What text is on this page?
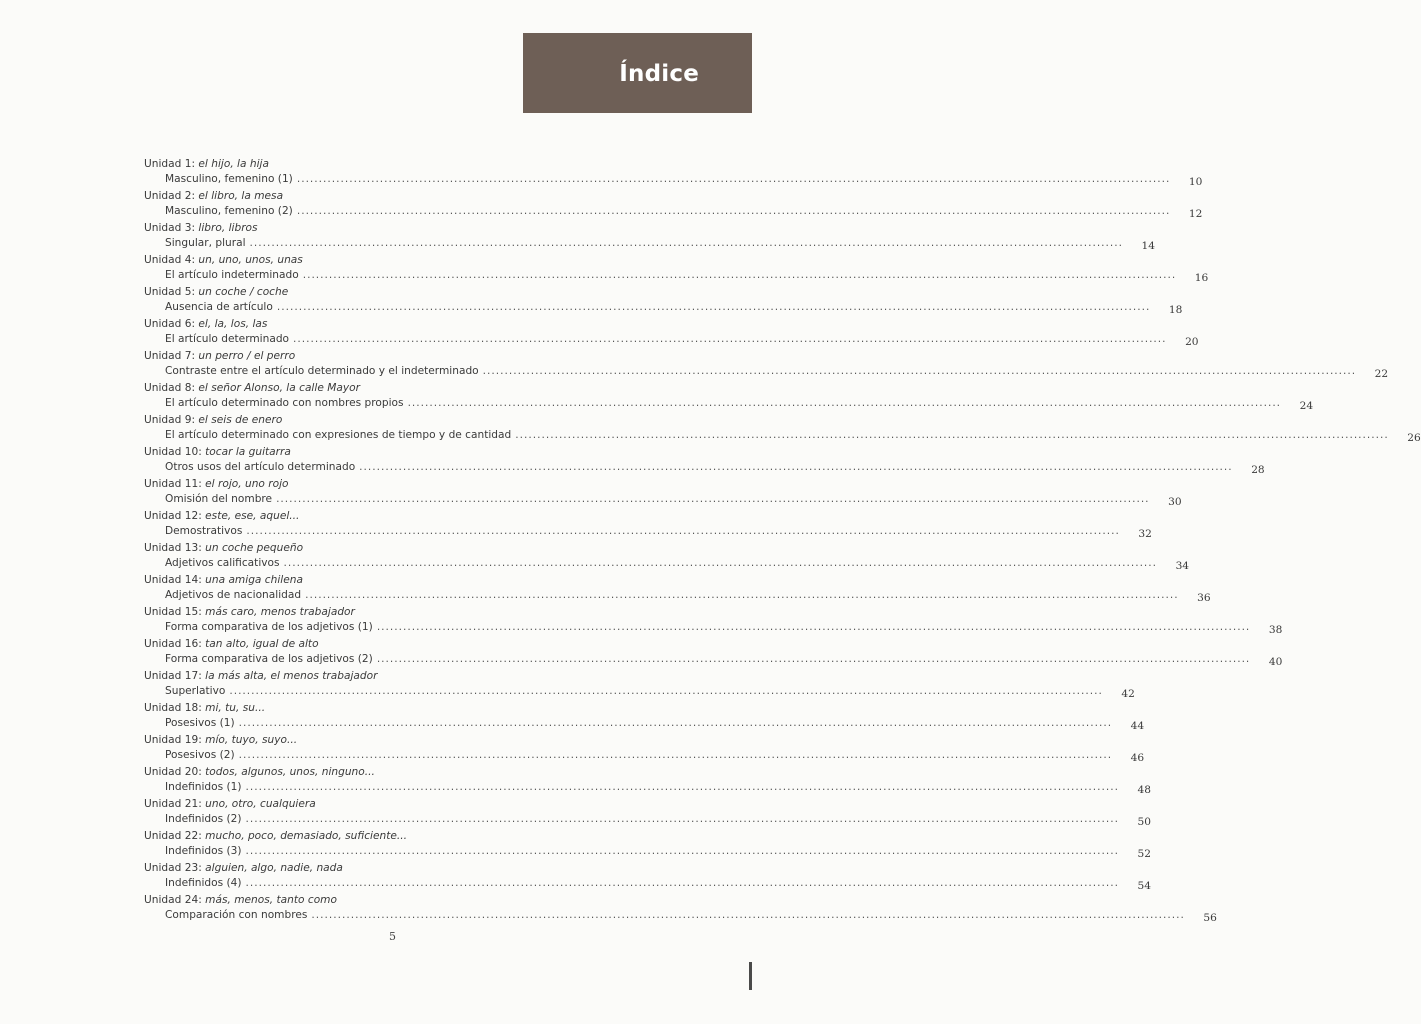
Índice
Unidad 1: el hijo, la hija
Masculino, femenino (1) ........................................................................................................................................................................................................	10
Unidad 2: el libro, la mesa
Masculino, femenino (2) ........................................................................................................................................................................................................	12
Unidad 3: libro, libros
Singular, plural ........................................................................................................................................................................................................	14
Unidad 4: un, uno, unos, unas
El artículo indeterminado ........................................................................................................................................................................................................	16
Unidad 5: un coche / coche
Ausencia de artículo ........................................................................................................................................................................................................	18
Unidad 6: el, la, los, las
El artículo determinado ........................................................................................................................................................................................................	20
Unidad 7: un perro / el perro
Contraste entre el artículo determinado y el indeterminado ........................................................................................................................................................................................................	22
Unidad 8: el señor Alonso, la calle Mayor
El artículo determinado con nombres propios ........................................................................................................................................................................................................	24
Unidad 9: el seis de enero
El artículo determinado con expresiones de tiempo y de cantidad ........................................................................................................................................................................................................	26
Unidad 10: tocar la guitarra
Otros usos del artículo determinado ........................................................................................................................................................................................................	28
Unidad 11: el rojo, uno rojo
Omisión del nombre ........................................................................................................................................................................................................	30
Unidad 12: este, ese, aquel...
Demostrativos ........................................................................................................................................................................................................	32
Unidad 13: un coche pequeño
Adjetivos calificativos ........................................................................................................................................................................................................	34
Unidad 14: una amiga chilena
Adjetivos de nacionalidad ........................................................................................................................................................................................................	36
Unidad 15: más caro, menos trabajador
Forma comparativa de los adjetivos (1) ........................................................................................................................................................................................................	38
Unidad 16: tan alto, igual de alto
Forma comparativa de los adjetivos (2) ........................................................................................................................................................................................................	40
Unidad 17: la más alta, el menos trabajador
Superlativo ........................................................................................................................................................................................................	42
Unidad 18: mi, tu, su...
Posesivos (1) ........................................................................................................................................................................................................	44
Unidad 19: mío, tuyo, suyo...
Posesivos (2) ........................................................................................................................................................................................................	46
Unidad 20: todos, algunos, unos, ninguno...
Indefinidos (1) ........................................................................................................................................................................................................	48
Unidad 21: uno, otro, cualquiera
Indefinidos (2) ........................................................................................................................................................................................................	50
Unidad 22: mucho, poco, demasiado, suficiente...
Indefinidos (3) ........................................................................................................................................................................................................	52
Unidad 23: alguien, algo, nadie, nada
Indefinidos (4) ........................................................................................................................................................................................................	54
Unidad 24: más, menos, tanto como
Comparación con nombres ........................................................................................................................................................................................................	56
5
